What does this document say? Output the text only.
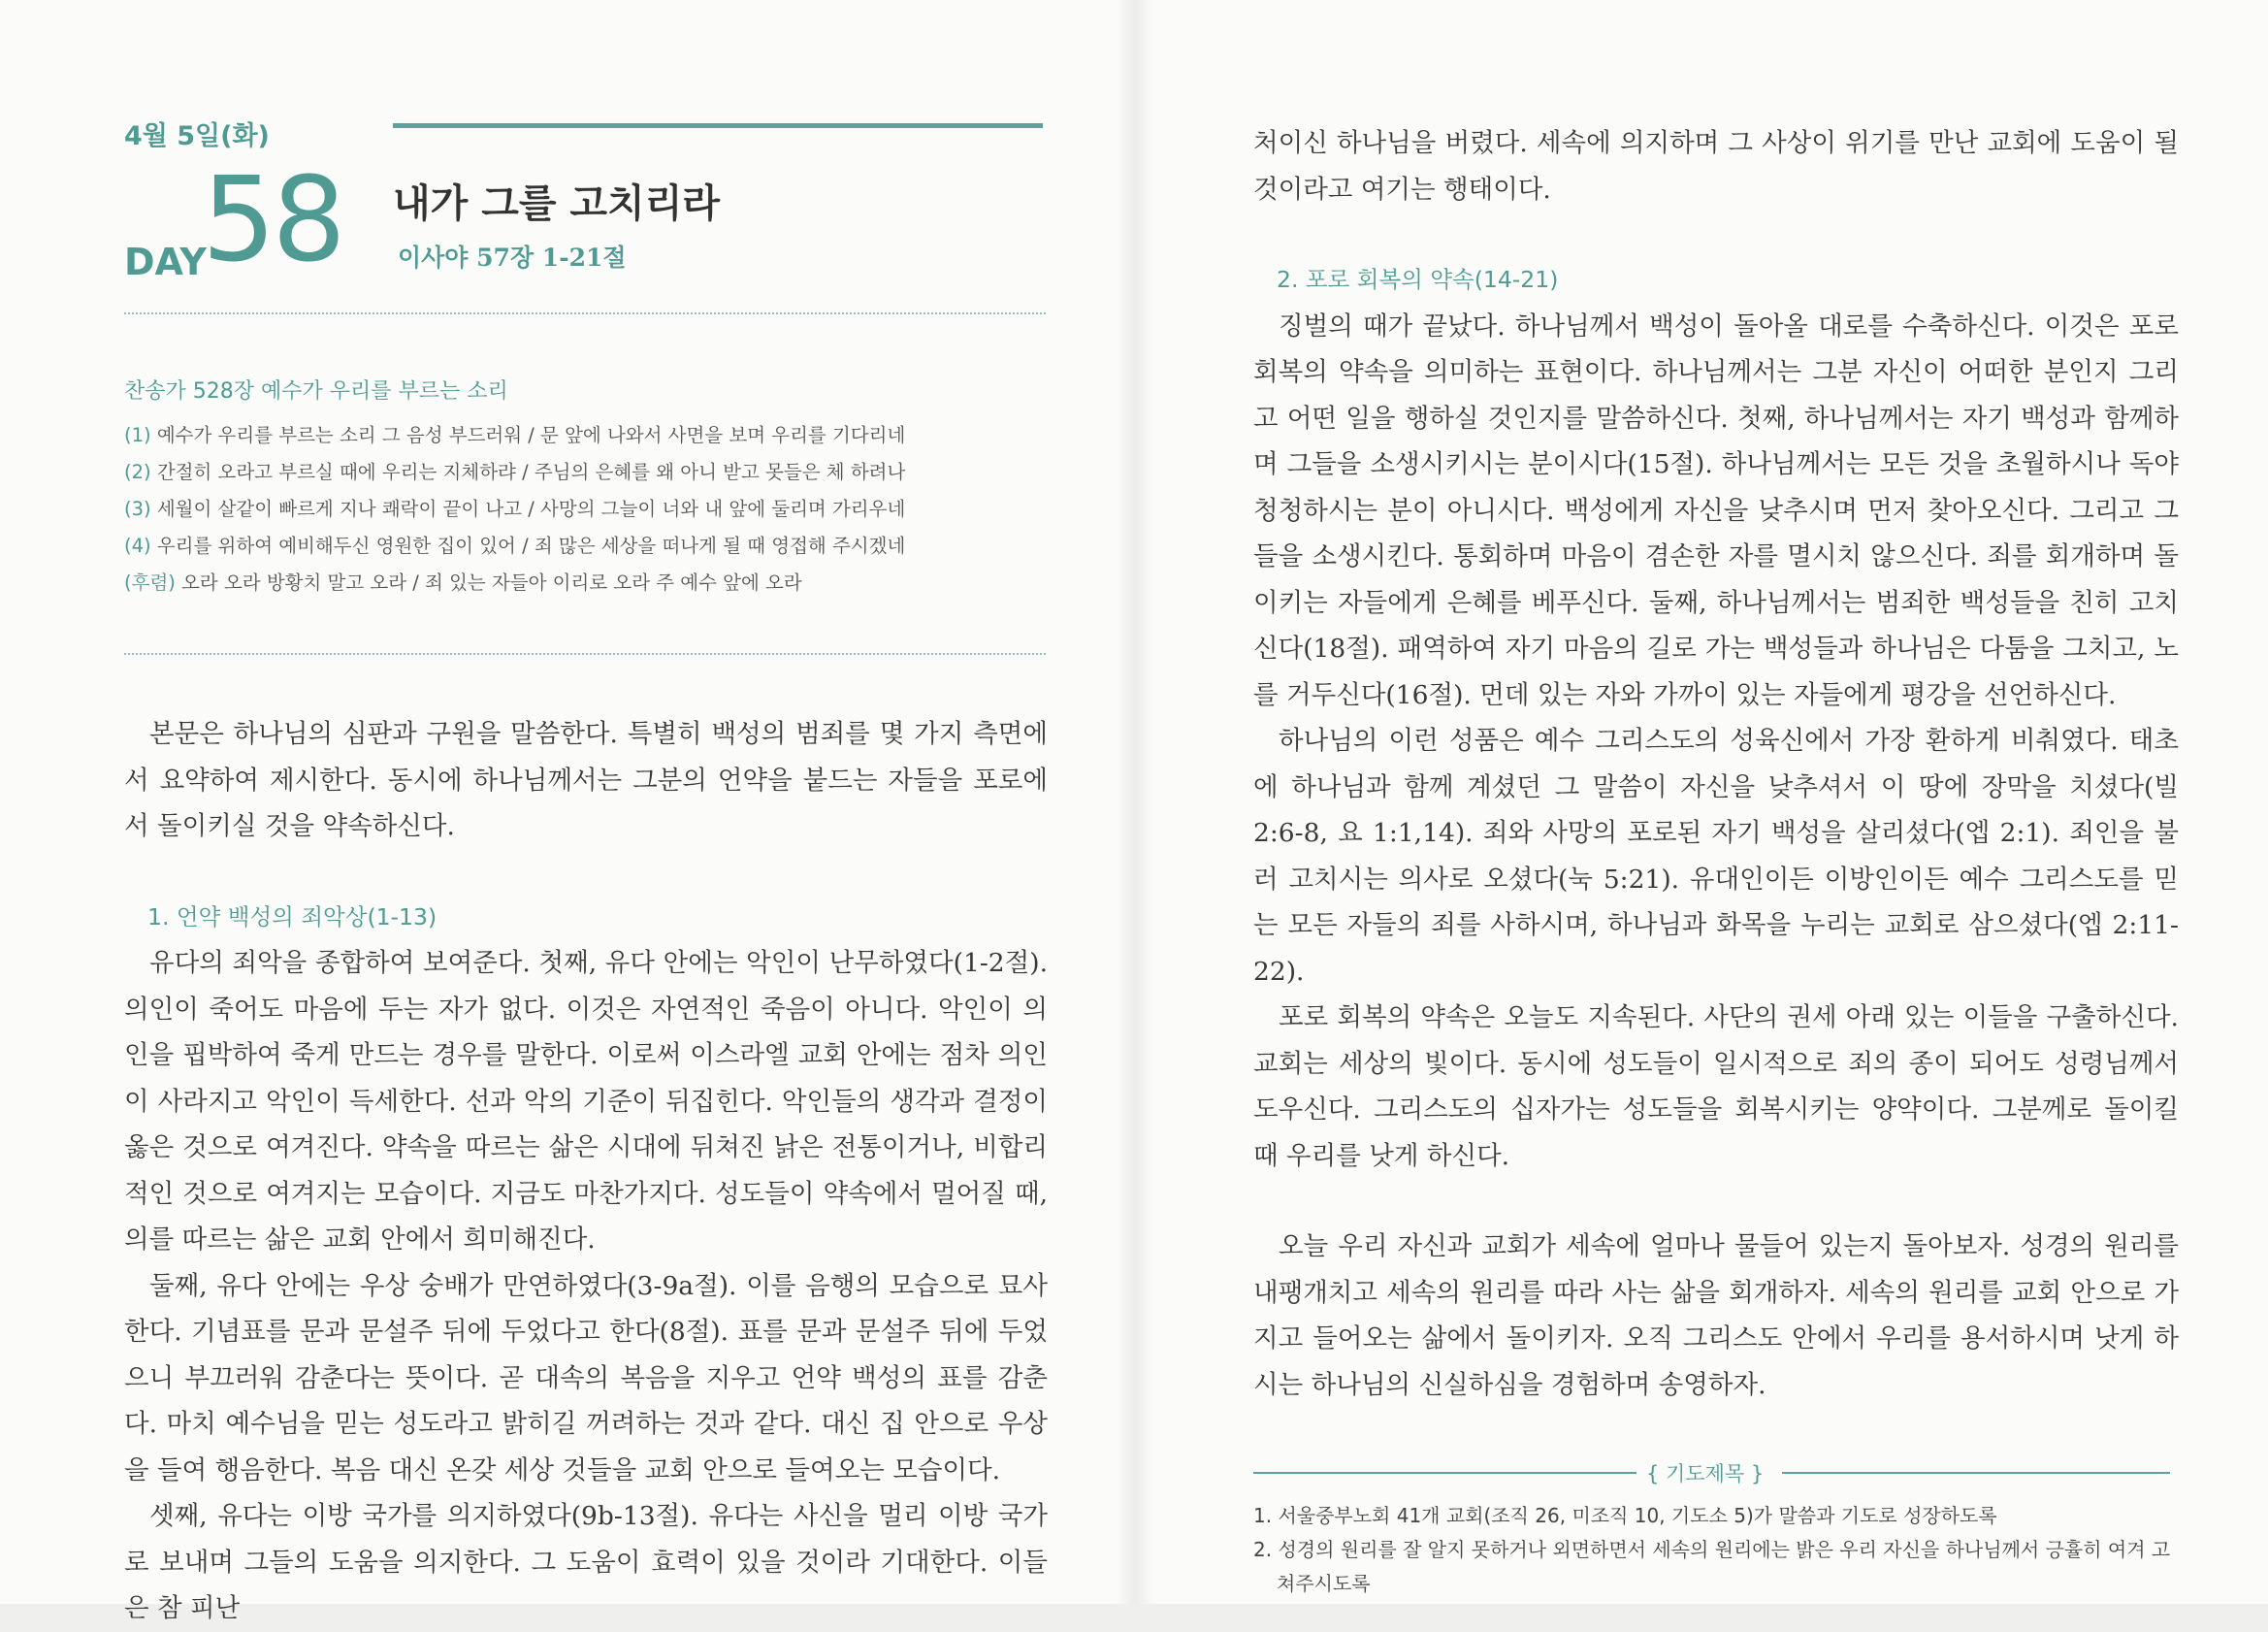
4월 5일(화)
DAY
58 내가 그를 고치리라
이사야 57장 1-21절
찬송가 528장 예수가 우리를 부르는 소리
(1) 예수가 우리를 부르는 소리 그 음성 부드러워 / 문 앞에 나와서 사면을 보며 우리를 기다리네
(2) 간절히 오라고 부르실 때에 우리는 지체하랴 / 주님의 은혜를 왜 아니 받고 못들은 체 하려나
(3) 세월이 살같이 빠르게 지나 쾌락이 끝이 나고 / 사망의 그늘이 너와 내 앞에 둘리며 가리우네
(4) 우리를 위하여 예비해두신 영원한 집이 있어 / 죄 많은 세상을 떠나게 될 때 영접해 주시겠네
(후렴) 오라 오라 방황치 말고 오라 / 죄 있는 자들아 이리로 오라 주 예수 앞에 오라

본문은 하나님의 심판과 구원을 말씀한다. 특별히 백성의 범죄를 몇 가지 측면에서 요약하여 제시한다. 동시에 하나님께서는 그분의 언약을 붙드는 자들을 포로에서 돌이키실 것을 약속하신다.

1. 언약 백성의 죄악상(1-13)

유다의 죄악을 종합하여 보여준다. 첫째, 유다 안에는 악인이 난무하였다(1-2절). 의인이 죽어도 마음에 두는 자가 없다. 이것은 자연적인 죽음이 아니다. 악인이 의인을 핍박하여 죽게 만드는 경우를 말한다. 이로써 이스라엘 교회 안에는 점차 의인이 사라지고 악인이 득세한다. 선과 악의 기준이 뒤집힌다. 악인들의 생각과 결정이 옳은 것으로 여겨진다. 약속을 따르는 삶은 시대에 뒤쳐진 낡은 전통이거나, 비합리적인 것으로 여겨지는 모습이다. 지금도 마찬가지다. 성도들이 약속에서 멀어질 때, 의를 따르는 삶은 교회 안에서 희미해진다.

둘째, 유다 안에는 우상 숭배가 만연하였다(3-9a절). 이를 음행의 모습으로 묘사한다. 기념표를 문과 문설주 뒤에 두었다고 한다(8절). 표를 문과 문설주 뒤에 두었으니 부끄러워 감춘다는 뜻이다. 곧 대속의 복음을 지우고 언약 백성의 표를 감춘다. 마치 예수님을 믿는 성도라고 밝히길 꺼려하는 것과 같다. 대신 집 안으로 우상을 들여 행음한다. 복음 대신 온갖 세상 것들을 교회 안으로 들여오는 모습이다.

셋째, 유다는 이방 국가를 의지하였다(9b-13절). 유다는 사신을 멀리 이방 국가로 보내며 그들의 도움을 의지한다. 그 도움이 효력이 있을 것이라 기대한다. 이들은 참 피난

처이신 하나님을 버렸다. 세속에 의지하며 그 사상이 위기를 만난 교회에 도움이 될 것이라고 여기는 행태이다.

2. 포로 회복의 약속(14-21)

징벌의 때가 끝났다. 하나님께서 백성이 돌아올 대로를 수축하신다. 이것은 포로 회복의 약속을 의미하는 표현이다. 하나님께서는 그분 자신이 어떠한 분인지 그리고 어떤 일을 행하실 것인지를 말씀하신다. 첫째, 하나님께서는 자기 백성과 함께하며 그들을 소생시키시는 분이시다(15절). 하나님께서는 모든 것을 초월하시나 독야청청하시는 분이 아니시다. 백성에게 자신을 낮추시며 먼저 찾아오신다. 그리고 그들을 소생시킨다. 통회하며 마음이 겸손한 자를 멸시치 않으신다. 죄를 회개하며 돌이키는 자들에게 은혜를 베푸신다. 둘째, 하나님께서는 범죄한 백성들을 친히 고치신다(18절). 패역하여 자기 마음의 길로 가는 백성들과 하나님은 다툼을 그치고, 노를 거두신다(16절). 먼데 있는 자와 가까이 있는 자들에게 평강을 선언하신다.

하나님의 이런 성품은 예수 그리스도의 성육신에서 가장 환하게 비춰였다. 태초에 하나님과 함께 계셨던 그 말씀이 자신을 낮추셔서 이 땅에 장막을 치셨다(빌 2:6-8, 요 1:1,14). 죄와 사망의 포로된 자기 백성을 살리셨다(엡 2:1). 죄인을 불러 고치시는 의사로 오셨다(눅 5:21). 유대인이든 이방인이든 예수 그리스도를 믿는 모든 자들의 죄를 사하시며, 하나님과 화목을 누리는 교회로 삼으셨다(엡 2:11-22).

포로 회복의 약속은 오늘도 지속된다. 사단의 권세 아래 있는 이들을 구출하신다. 교회는 세상의 빛이다. 동시에 성도들이 일시적으로 죄의 종이 되어도 성령님께서 도우신다. 그리스도의 십자가는 성도들을 회복시키는 양약이다. 그분께로 돌이킬 때 우리를 낫게 하신다.

오늘 우리 자신과 교회가 세속에 얼마나 물들어 있는지 돌아보자. 성경의 원리를 내팽개치고 세속의 원리를 따라 사는 삶을 회개하자. 세속의 원리를 교회 안으로 가지고 들어오는 삶에서 돌이키자. 오직 그리스도 안에서 우리를 용서하시며 낫게 하시는 하나님의 신실하심을 경험하며 송영하자.

{ 기도제목 }
1. 서울중부노회 41개 교회(조직 26, 미조직 10, 기도소 5)가 말씀과 기도로 성장하도록
2. 성경의 원리를 잘 알지 못하거나 외면하면서 세속의 원리에는 밝은 우리 자신을 하나님께서 긍휼히 여겨 고쳐주시도록
